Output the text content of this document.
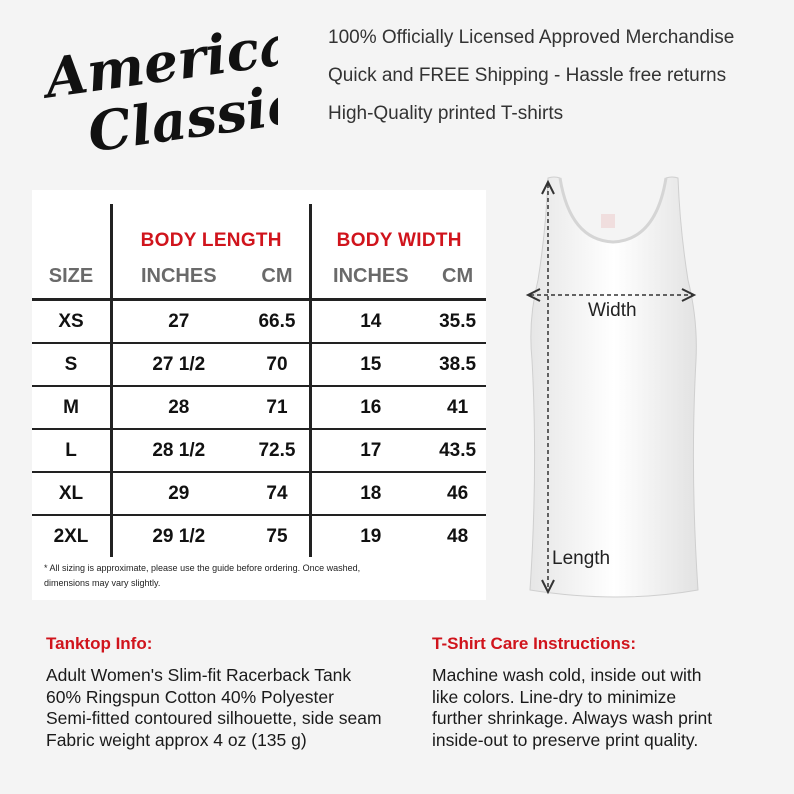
American
Classics
100% Officially Licensed Approved Merchandise
Quick and FREE Shipping - Hassle free returns
High-Quality printed T-shirts
	BODY LENGTH		BODY WIDTH	
SIZE	INCHES	CM	INCHES	CM
XS	27	66.5	14	35.5
S	27 1/2	70	15	38.5
M	28	71	16	41
L	28 1/2	72.5	17	43.5
XL	29	74	18	46
2XL	29 1/2	75	19	48
* All sizing is approximate, please use the guide before ordering. Once washed,
dimensions may vary slightly.
Width
Length
Tanktop Info:
Adult Women's Slim-fit Racerback Tank
60% Ringspun Cotton 40% Polyester
Semi-fitted contoured silhouette, side seam
Fabric weight approx 4 oz (135 g)
T-Shirt Care Instructions:
Machine wash cold, inside out with
like colors. Line-dry to minimize
further shrinkage. Always wash print
inside-out to preserve print quality.
